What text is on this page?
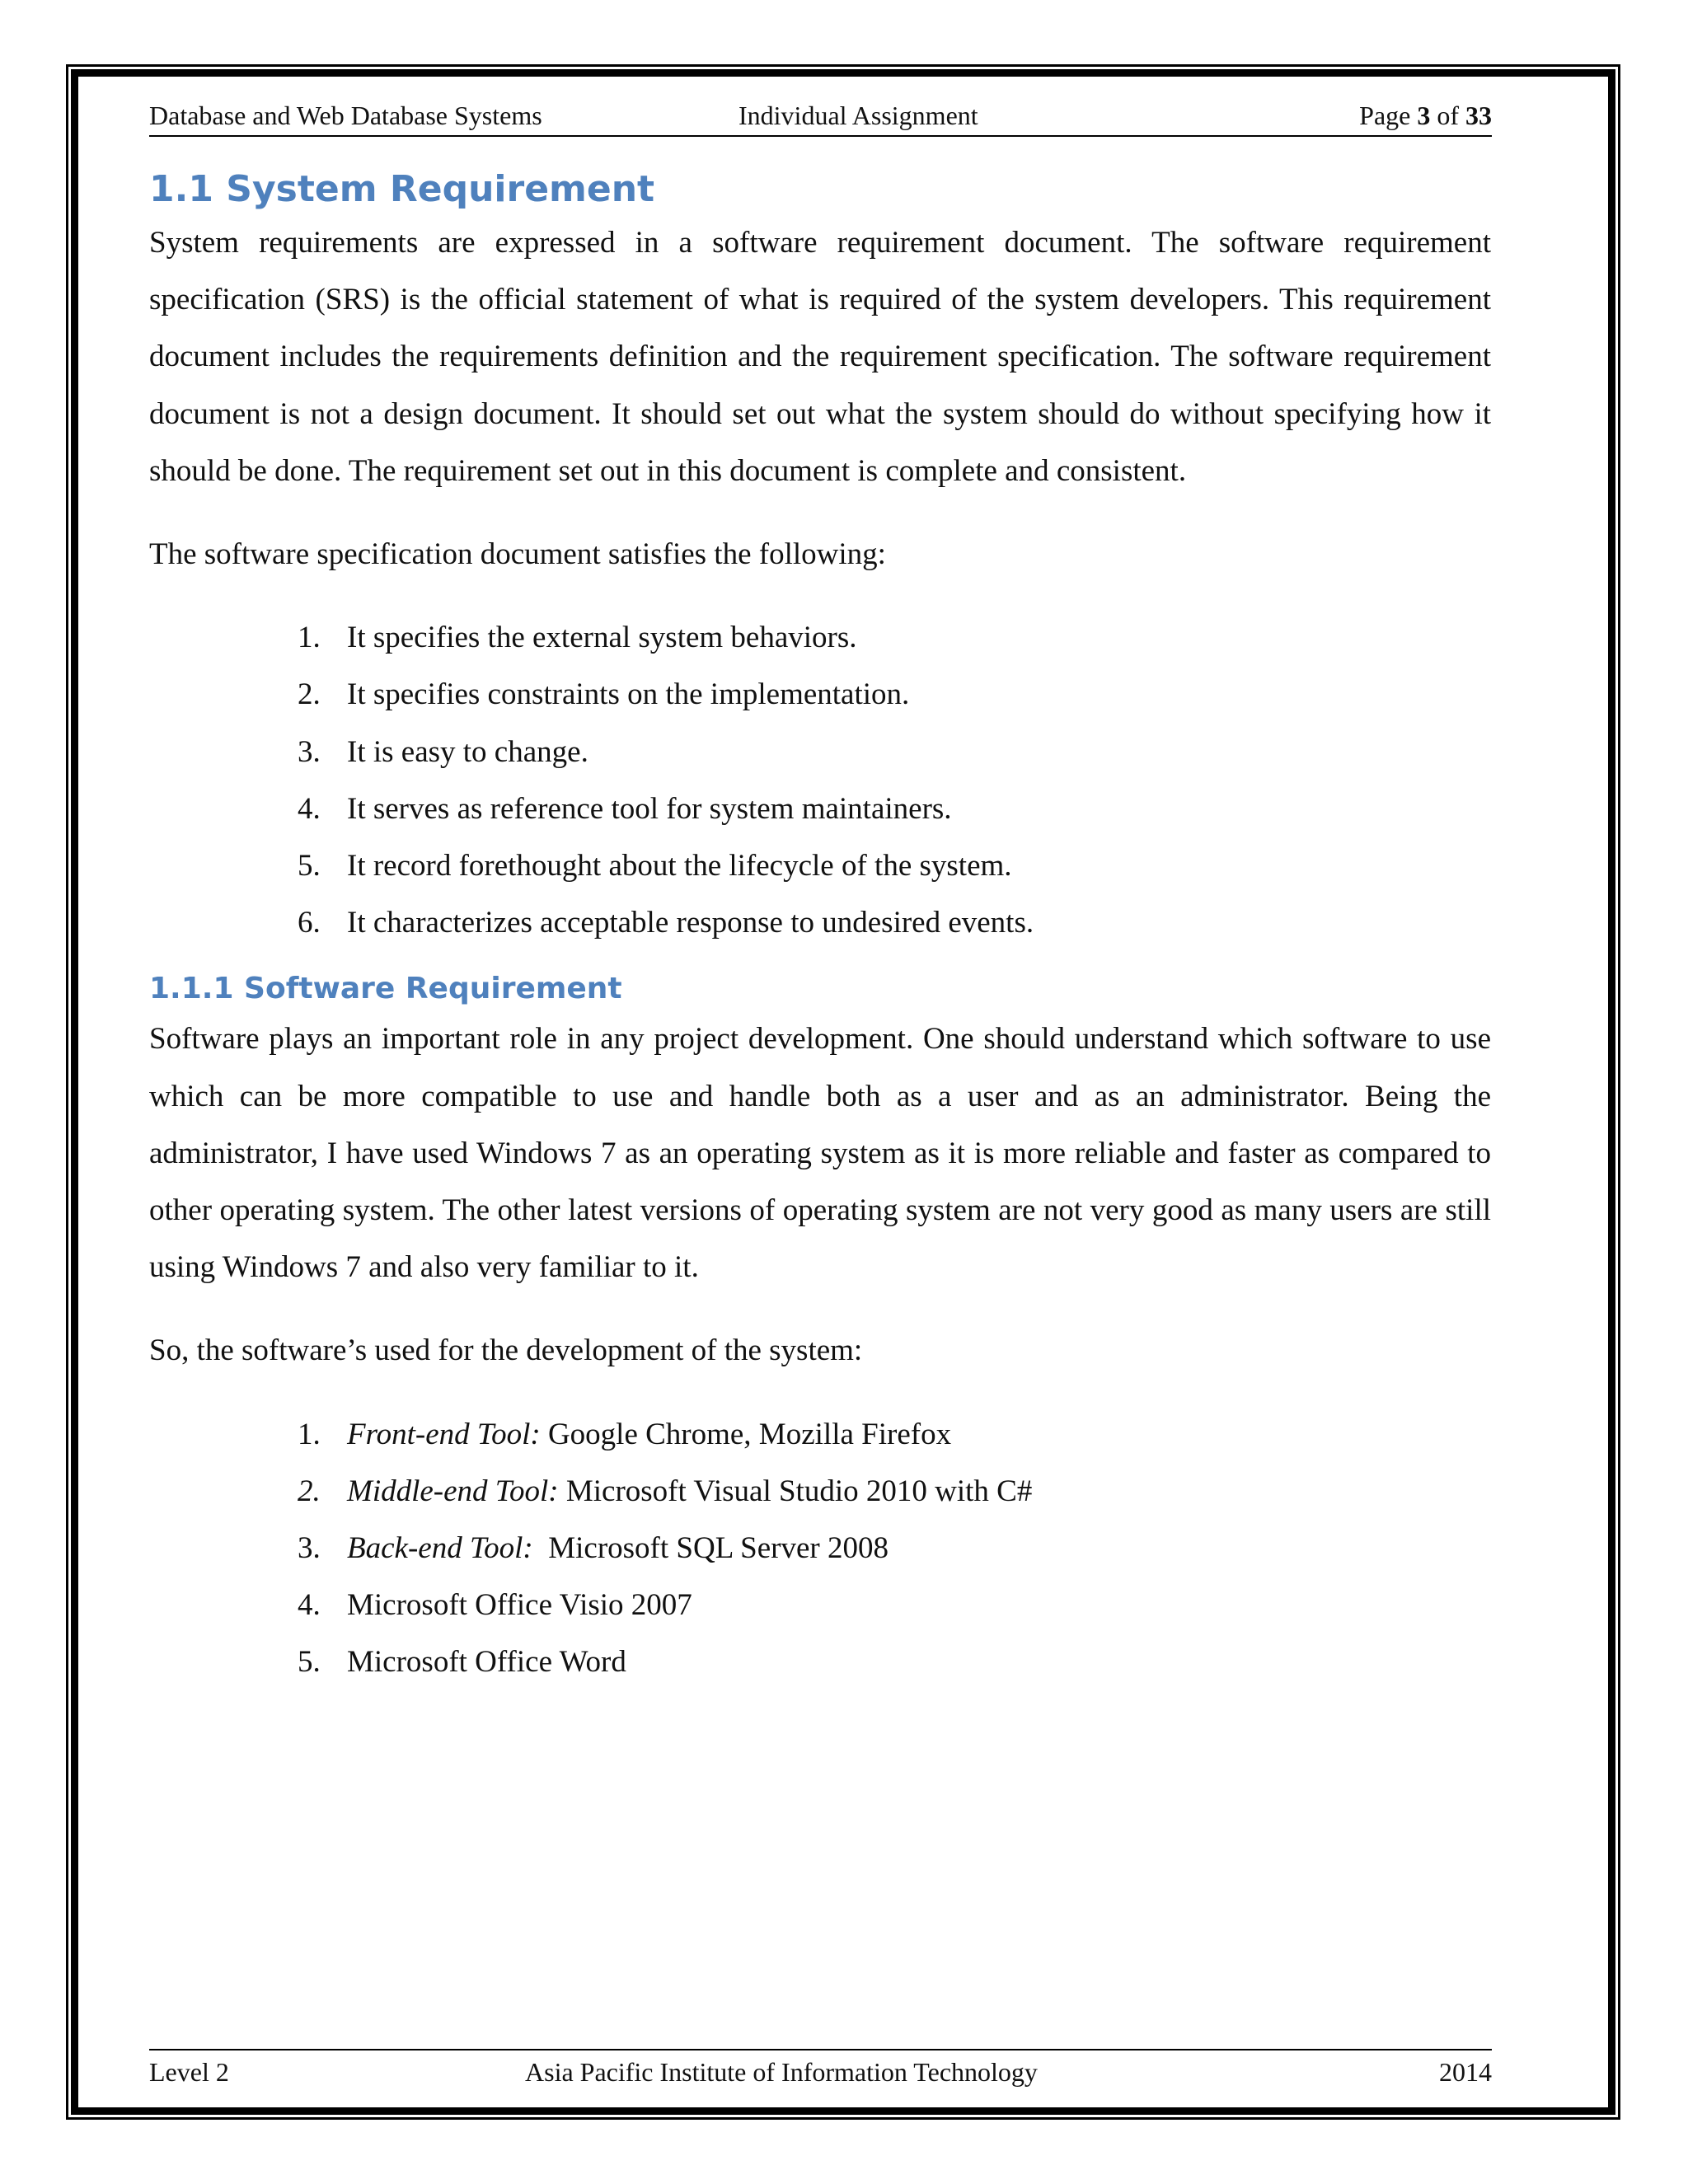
Database and Web Database Systems	Individual Assignment	Page 3 of 33
1.1 System Requirement

System requirements are expressed in a software requirement document. The software requirement specification (SRS) is the official statement of what is required of the system developers. This requirement document includes the requirements definition and the requirement specification. The software requirement document is not a design document. It should set out what the system should do without specifying how it should be done. The requirement set out in this document is complete and consistent.

The software specification document satisfies the following:

1. It specifies the external system behaviors.
2. It specifies constraints on the implementation.
3. It is easy to change.
4. It serves as reference tool for system maintainers.
5. It record forethought about the lifecycle of the system.
6. It characterizes acceptable response to undesired events.
1.1.1 Software Requirement

Software plays an important role in any project development. One should understand which software to use which can be more compatible to use and handle both as a user and as an administrator. Being the administrator, I have used Windows 7 as an operating system as it is more reliable and faster as compared to other operating system. The other latest versions of operating system are not very good as many users are still using Windows 7 and also very familiar to it.

So, the software’s used for the development of the system:

1. Front-end Tool: Google Chrome, Mozilla Firefox
2. Middle-end Tool: Microsoft Visual Studio 2010 with C#
3. Back-end Tool:  Microsoft SQL Server 2008
4. Microsoft Office Visio 2007
5. Microsoft Office Word
Level 2	Asia Pacific Institute of Information Technology	2014
